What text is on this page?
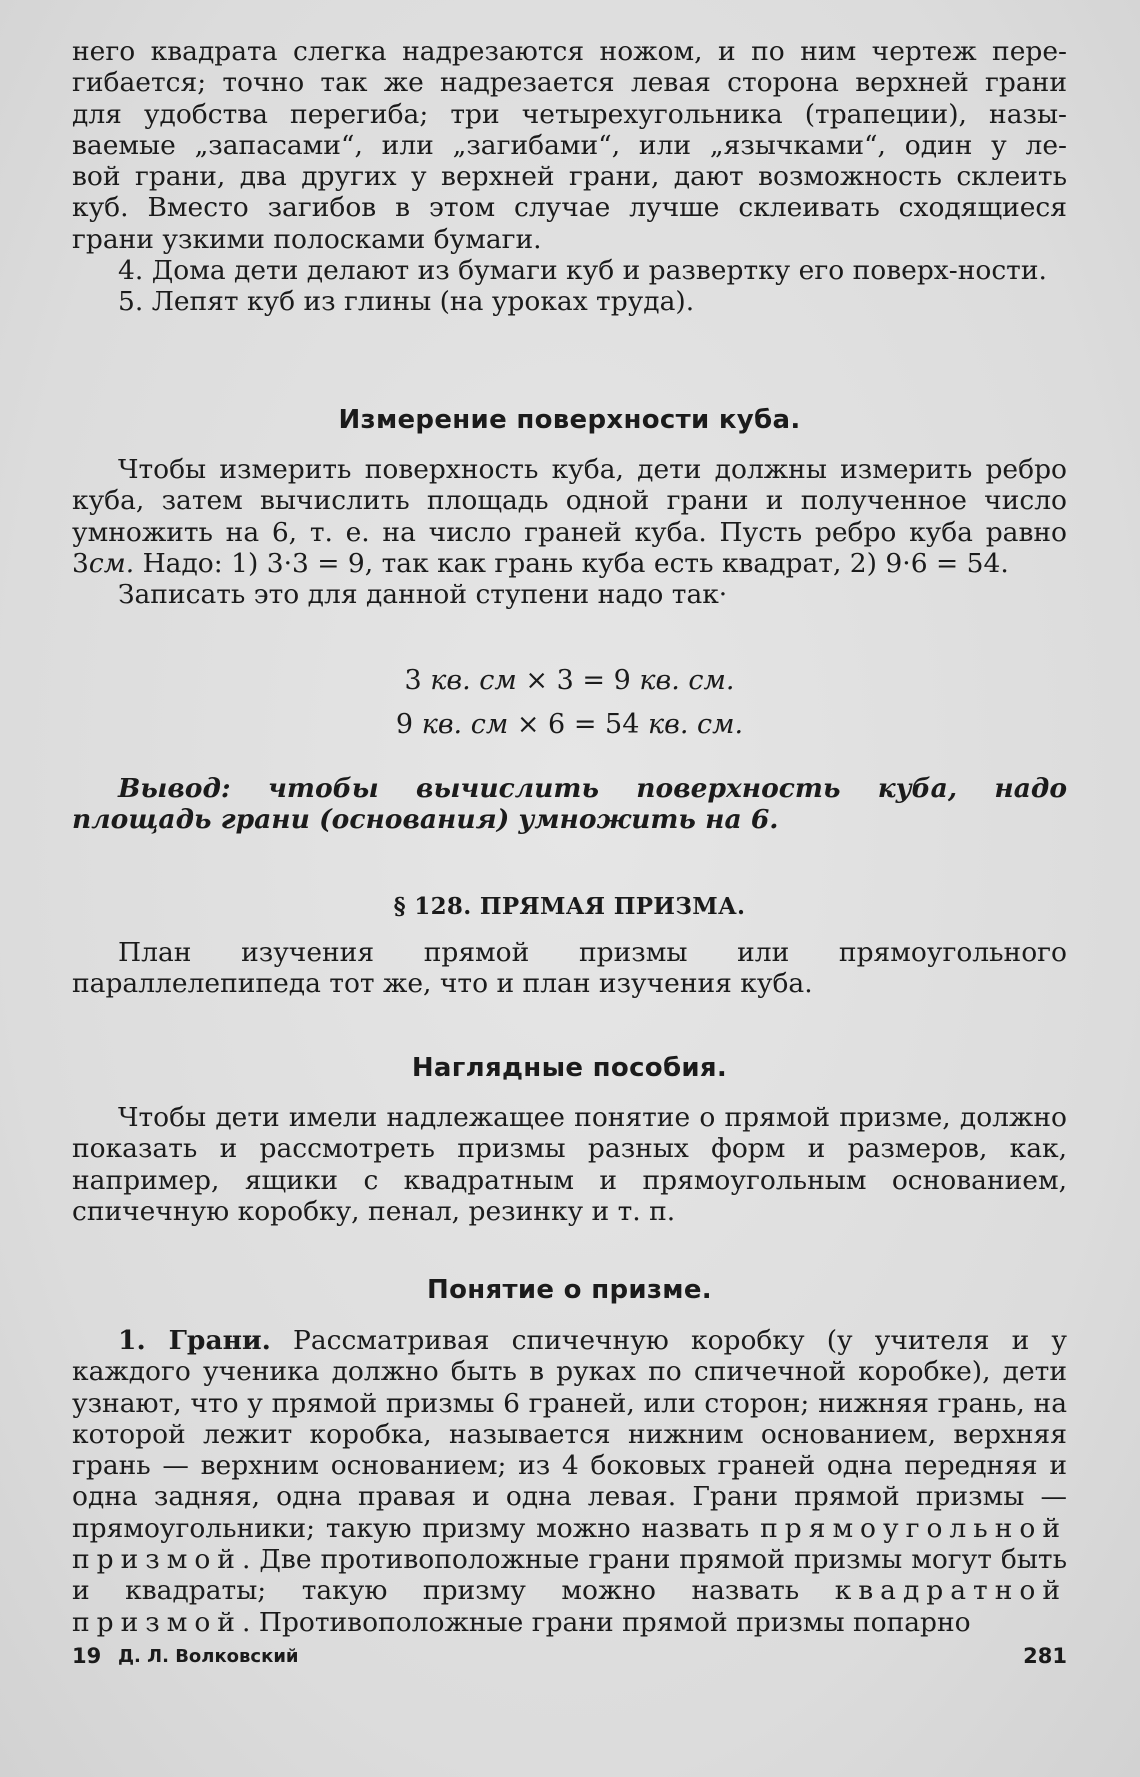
него квадрата слегка надрезаются ножом, и по ним чертеж пере-

гибается; точно так же надрезается левая сторона верхней грани

для удобства перегиба; три четырехугольника (трапеции), назы-

ваемые „запасами“, или „загибами“, или „язычками“, один у ле-

вой грани, два других у верхней грани, дают возможность склеить

куб. Вместо загибов в этом случае лучше склеивать сходящиеся

грани узкими полосками бумаги.

4. Дома дети делают из бумаги куб и развертку его поверх-ности.

5. Лепят куб из глины (на уроках труда).

Измерение поверхности куба.

Чтобы измерить поверхность куба, дети должны измерить ребро куба, затем вычислить площадь одной грани и полученное число умножить на 6, т. е. на число граней куба. Пусть ребро куба равно 3см. Надо: 1) 3·3 = 9, так как грань куба есть квадрат, 2) 9·6 = 54.

Записать это для данной ступени надо так·

3 кв. см × 3 = 9 кв. см.
9 кв. см × 6 = 54 кв. см.

Вывод: чтобы вычислить поверхность куба, надо площадь грани (основания) умножить на 6.

§ 128. ПРЯМАЯ ПРИЗМА.

План изучения прямой призмы или прямоугольного параллелепипеда тот же, что и план изучения куба.

Наглядные пособия.

Чтобы дети имели надлежащее понятие о прямой призме, должно показать и рассмотреть призмы разных форм и размеров, как, например, ящики с квадратным и прямоугольным основанием, спичечную коробку, пенал, резинку и т. п.

Понятие о призме.

1. Грани. Рассматривая спичечную коробку (у учителя и у каждого ученика должно быть в руках по спичечной коробке), дети узнают, что у прямой призмы 6 граней, или сторон; нижняя грань, на которой лежит коробка, называется нижним основанием, верхняя грань — верхним основанием; из 4 боковых граней одна передняя и одна задняя, одна правая и одна левая. Грани прямой призмы — прямоугольники; такую призму можно назвать прямоугольной призмой. Две противоположные грани прямой призмы могут быть и квадраты; такую призму можно назвать квадратной призмой. Противоположные грани прямой призмы попарно

19 Д. Л. Волковский	281
